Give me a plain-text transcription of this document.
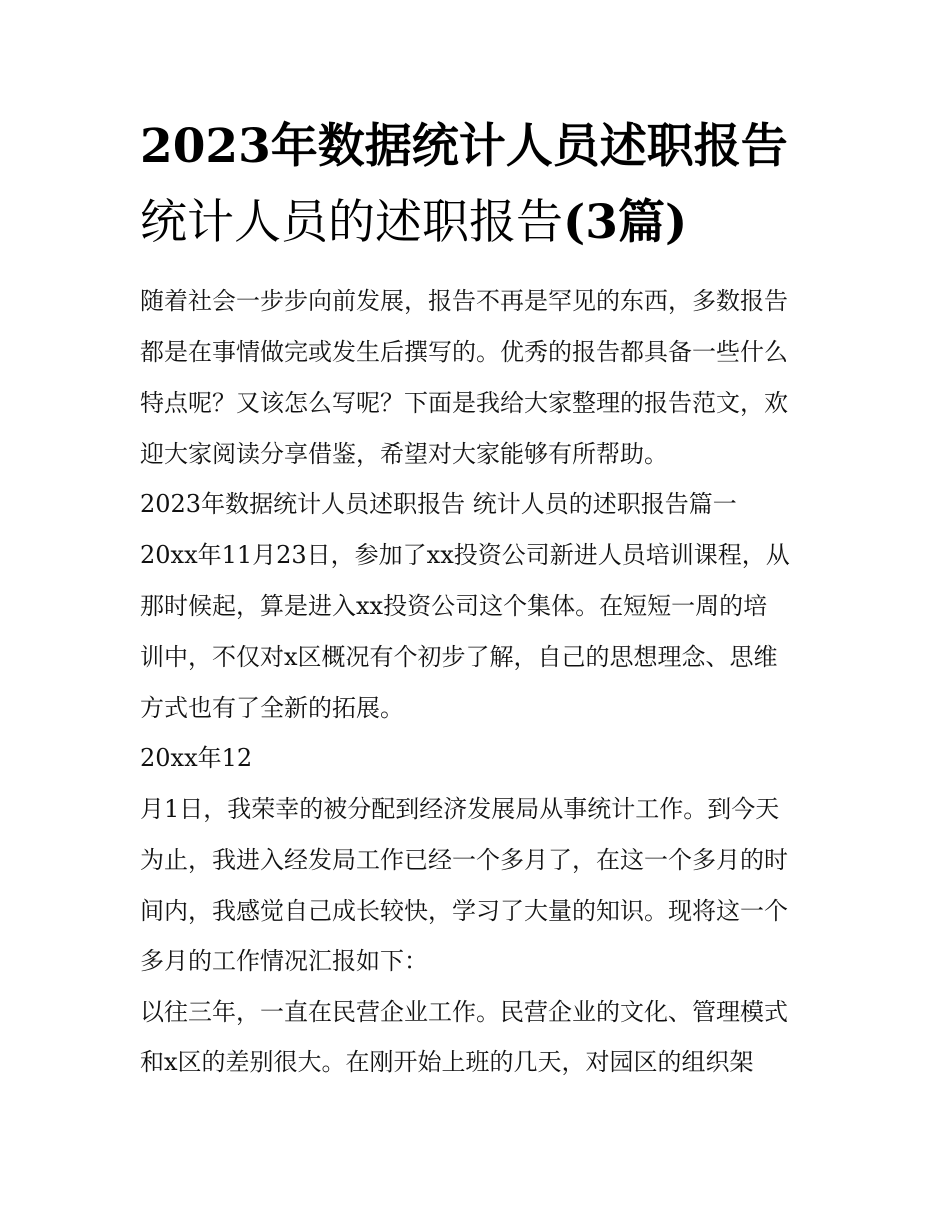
2023年数据统计人员述职报告
统计人员的述职报告(3篇)
随着社会一步步向前发展，报告不再是罕见的东西，多数报告
都是在事情做完或发生后撰写的。优秀的报告都具备一些什么
特点呢？又该怎么写呢？下面是我给大家整理的报告范文，欢
迎大家阅读分享借鉴，希望对大家能够有所帮助。
2023年数据统计人员述职报告 统计人员的述职报告篇一
20xx年11月23日，参加了xx投资公司新进人员培训课程，从
那时候起，算是进入xx投资公司这个集体。在短短一周的培
训中，不仅对x区概况有个初步了解，自己的思想理念、思维
方式也有了全新的拓展。
20xx年12
月1日，我荣幸的被分配到经济发展局从事统计工作。到今天
为止，我进入经发局工作已经一个多月了，在这一个多月的时
间内，我感觉自己成长较快，学习了大量的知识。现将这一个
多月的工作情况汇报如下：
以往三年，一直在民营企业工作。民营企业的文化、管理模式
和x区的差别很大。在刚开始上班的几天，对园区的组织架
